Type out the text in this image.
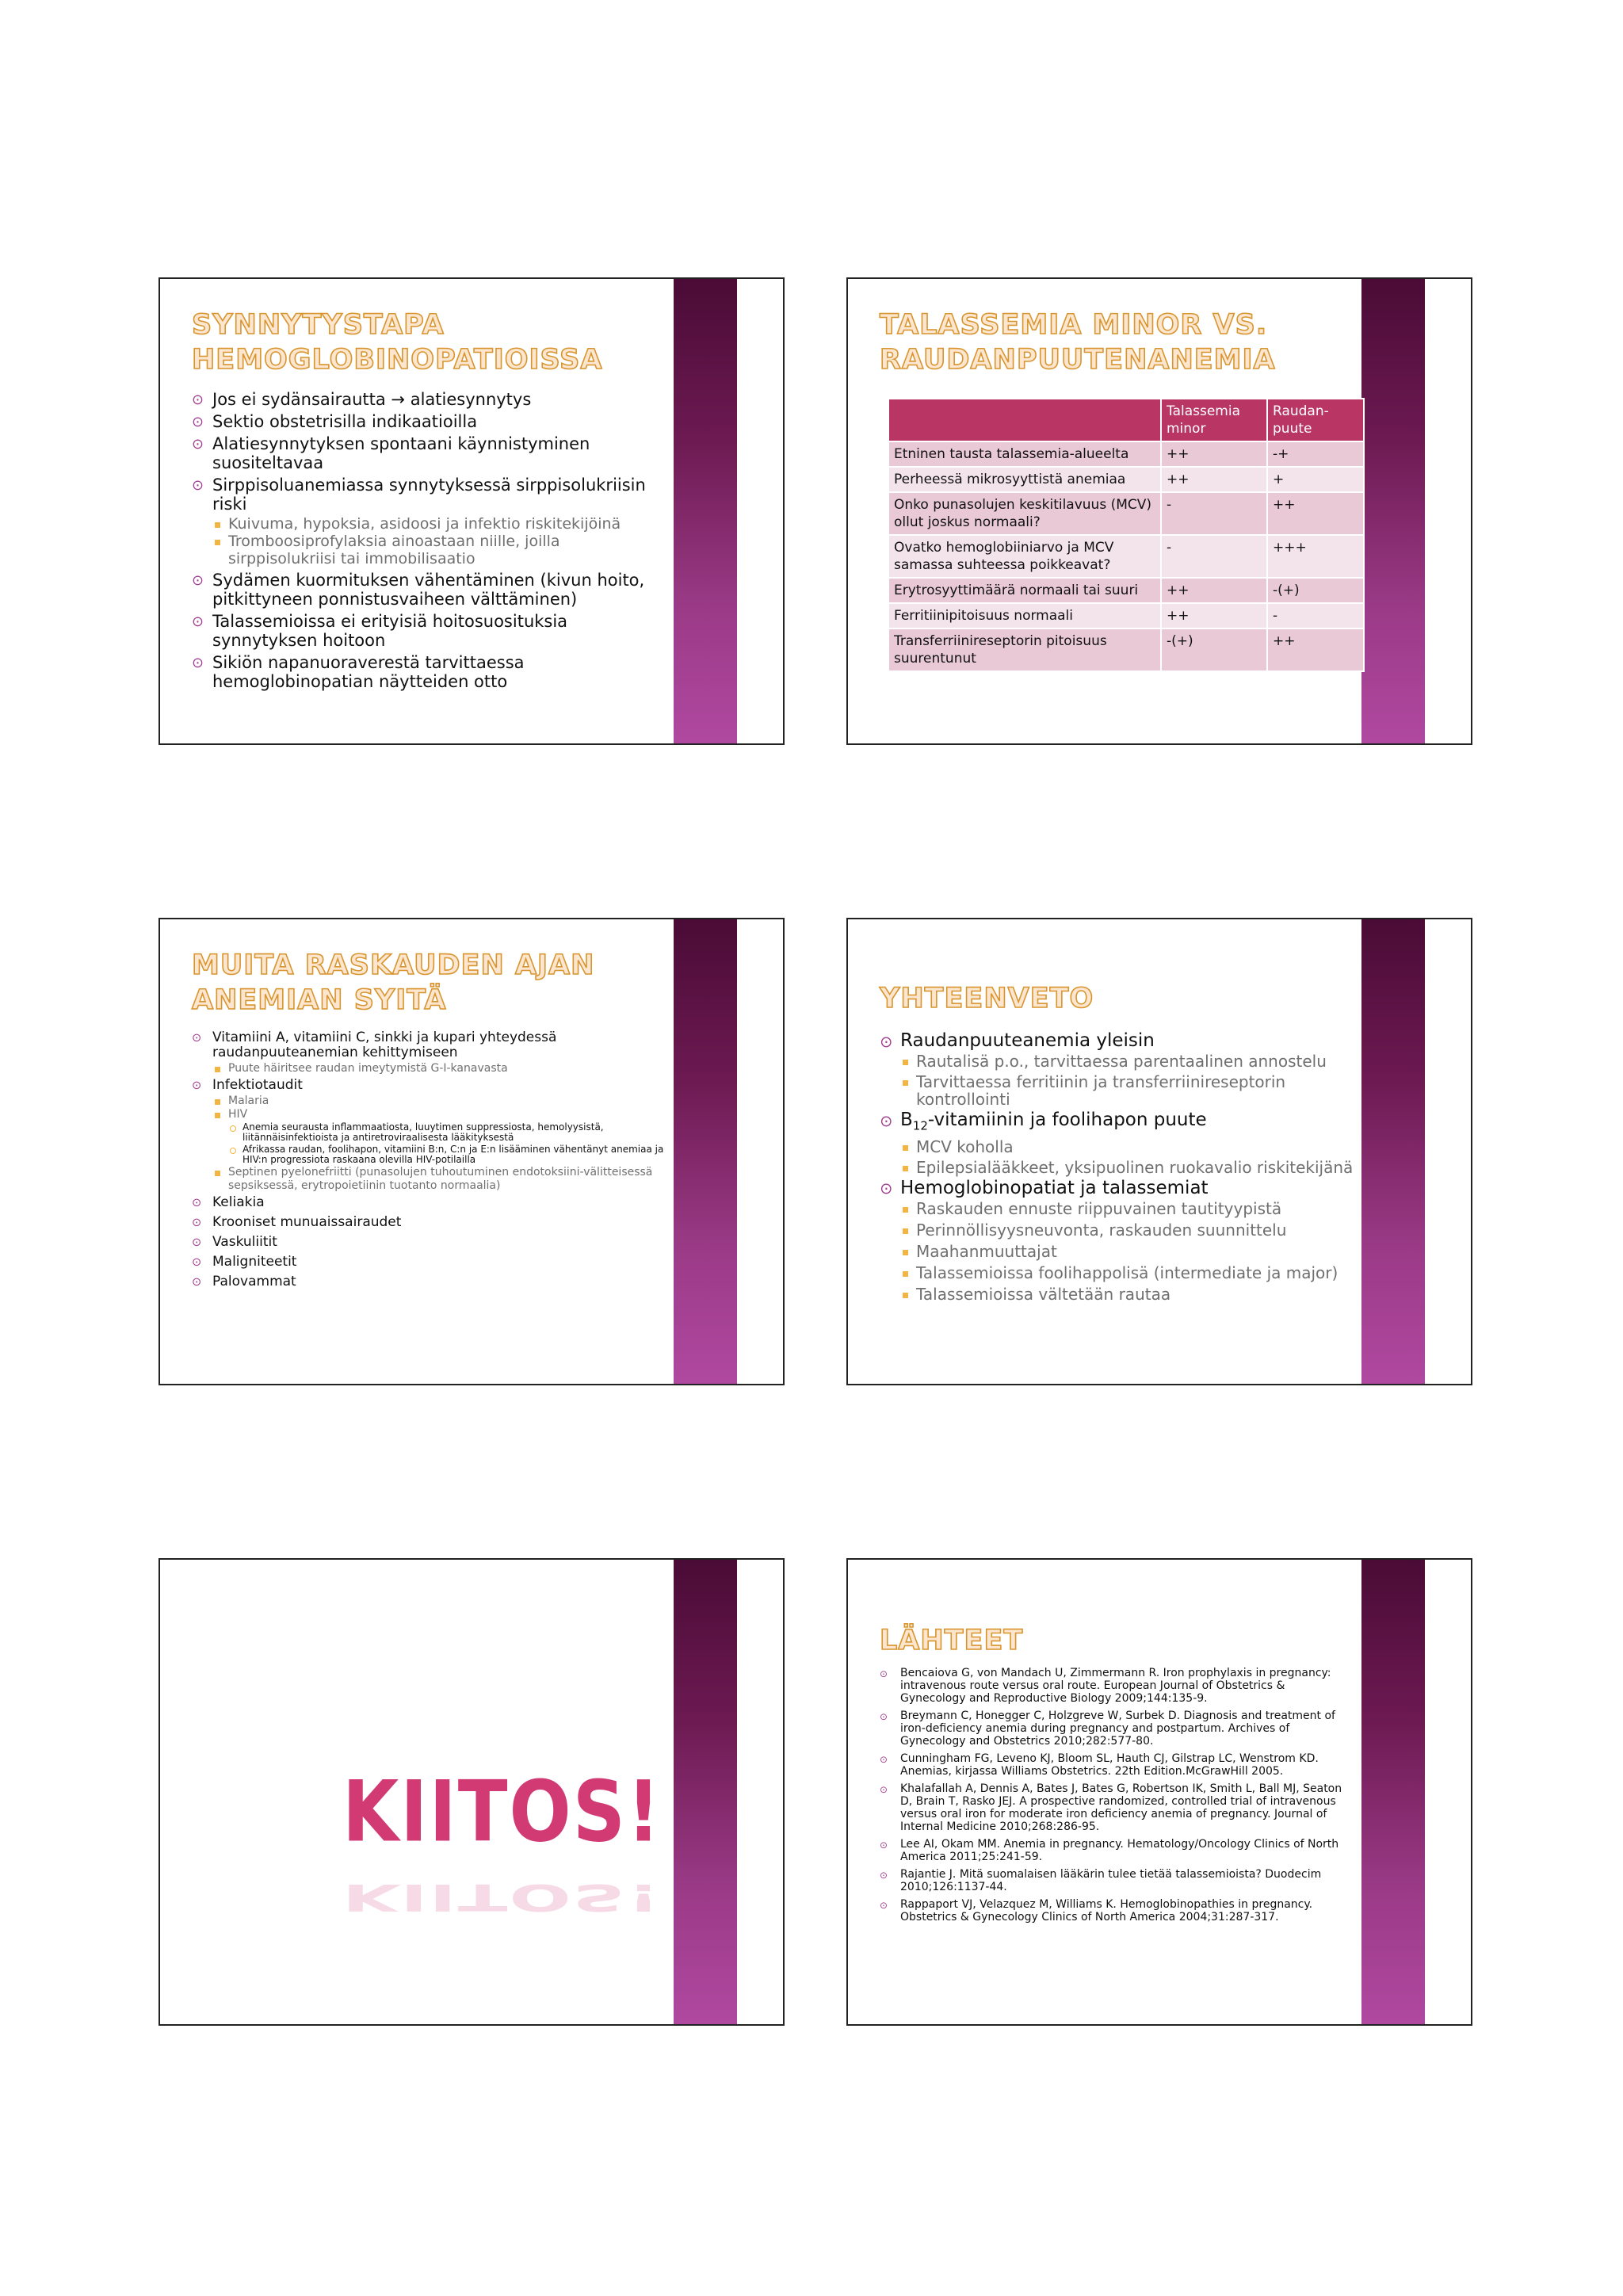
SYNNYTYSTAPA HEMOGLOBINOPATIOISSA
⊙ Jos ei sydänsairautta → alatiesynnytys
⊙ Sektio obstetrisilla indikaatioilla
⊙ Alatiesynnytyksen spontaani käynnistyminen suositeltavaa
⊙ Sirppisoluanemiassa synnytyksessä sirppisolukriisin riski
Kuivuma, hypoksia, asidoosi ja infektio riskitekijöinä
Tromboosiprofylaksia ainoastaan niille, joilla sirppisolukriisi tai immobilisaatio
⊙ Sydämen kuormituksen vähentäminen (kivun hoito, pitkittyneen ponnistusvaiheen välttäminen)
⊙ Talassemioissa ei erityisiä hoitosuosituksia synnytyksen hoitoon
⊙ Sikiön napanuoraverestä tarvittaessa hemoglobinopatian näytteiden otto
TALASSEMIA MINOR VS. RAUDANPUUTENANEMIA
	Talassemia minor	Raudan-puute
Etninen tausta talassemia-alueelta	++	-+
Perheessä mikrosyyttistä anemiaa	++	+
Onko punasolujen keskitilavuus (MCV) ollut joskus normaali?	-	++
Ovatko hemoglobiiniarvo ja MCV samassa suhteessa poikkeavat?	-	+++
Erytrosyyttimäärä normaali tai suuri	++	-(+)
Ferritiinipitoisuus normaali	++	-
Transferriinireseptorin pitoisuus suurentunut	-(+)	++
MUITA RASKAUDEN AJAN ANEMIAN SYITÄ
⊙ Vitamiini A, vitamiini C, sinkki ja kupari yhteydessä raudanpuuteanemian kehittymiseen
Puute häiritsee raudan imeytymistä G-I-kanavasta
⊙ Infektiotaudit
Malaria
HIV
Anemia seurausta inflammaatiosta, luuytimen suppressiosta, hemolyysistä, liitännäisinfektioista ja antiretroviraalisesta lääkityksestä
Afrikassa raudan, foolihapon, vitamiini B:n, C:n ja E:n lisääminen vähentänyt anemiaa ja HIV:n progressiota raskaana olevilla HIV-potilailla
Septinen pyelonefriitti (punasolujen tuhoutuminen endotoksiini-välitteisessä sepsiksessä, erytropoietiinin tuotanto normaalia)
⊙ Keliakia
⊙ Krooniset munuaissairaudet
⊙ Vaskuliitit
⊙ Maligniteetit
⊙ Palovammat
YHTEENVETO
⊙ Raudanpuuteanemia yleisin
Rautalisä p.o., tarvittaessa parentaalinen annostelu
Tarvittaessa ferritiinin ja transferriinireseptorin kontrollointi
⊙ $B_{12}$-vitamiinin ja foolihapon puute
MCV koholla
Epilepsialääkkeet, yksipuolinen ruokavalio riskitekijänä
⊙ Hemoglobinopatiat ja talassemiat
Raskauden ennuste riippuvainen tautityypistä
Perinnöllisyysneuvonta, raskauden suunnittelu
Maahanmuuttajat
Talassemioissa foolihappolisä (intermediate ja major)
Talassemioissa vältetään rautaa
KIITOS!
KIITOS!
LÄHTEET
⊙ Bencaiova G, von Mandach U, Zimmermann R. Iron prophylaxis in pregnancy: intravenous route versus oral route. European Journal of Obstetrics & Gynecology and Reproductive Biology 2009;144:135-9.
⊙ Breymann C, Honegger C, Holzgreve W, Surbek D. Diagnosis and treatment of iron-deficiency anemia during pregnancy and postpartum. Archives of Gynecology and Obstetrics 2010;282:577-80.
⊙ Cunningham FG, Leveno KJ, Bloom SL, Hauth CJ, Gilstrap LC, Wenstrom KD. Anemias, kirjassa Williams Obstetrics. 22th Edition.McGrawHill 2005.
⊙ Khalafallah A, Dennis A, Bates J, Bates G, Robertson IK, Smith L, Ball MJ, Seaton D, Brain T, Rasko JEJ. A prospective randomized, controlled trial of intravenous versus oral iron for moderate iron deficiency anemia of pregnancy. Journal of Internal Medicine 2010;268:286-95.
⊙ Lee AI, Okam MM. Anemia in pregnancy. Hematology/Oncology Clinics of North America 2011;25:241-59.
⊙ Rajantie J. Mitä suomalaisen lääkärin tulee tietää talassemioista? Duodecim 2010;126:1137-44.
⊙ Rappaport VJ, Velazquez M, Williams K. Hemoglobinopathies in pregnancy. Obstetrics & Gynecology Clinics of North America 2004;31:287-317.
